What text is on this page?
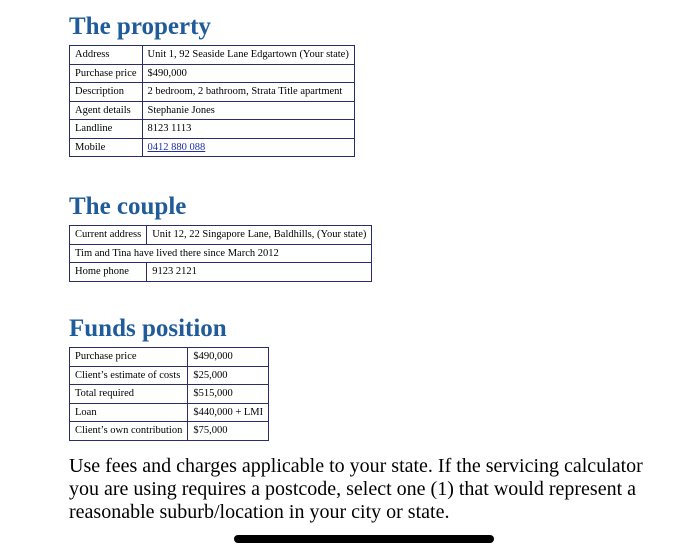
The property
Address	Unit 1, 92 Seaside Lane Edgartown (Your state)
Purchase price	$490,000
Description	2 bedroom, 2 bathroom, Strata Title apartment
Agent details	Stephanie Jones
Landline	8123 1113
Mobile	0412 880 088
The couple
Current address	Unit 12, 22 Singapore Lane, Baldhills, (Your state)
Tim and Tina have lived there since March 2012	
Home phone	9123 2121
Funds position
Purchase price	$490,000
Client’s estimate of costs	$25,000
Total required	$515,000
Loan	$440,000 + LMI
Client’s own contribution	$75,000

Use fees and charges applicable to your state. If the servicing calculator you are using requires a postcode, select one (1) that would represent a reasonable suburb/location in your city or state.
